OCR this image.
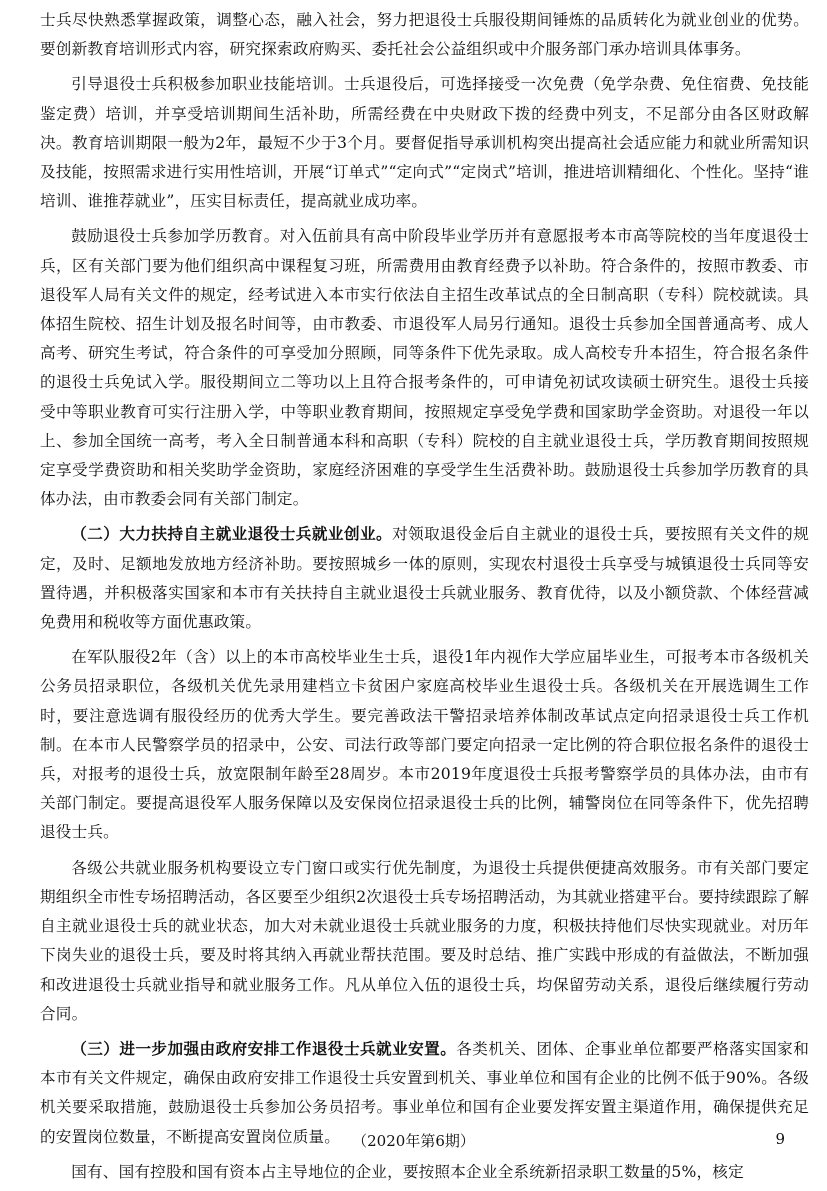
士兵尽快熟悉掌握政策，调整心态，融入社会，努力把退役士兵服役期间锤炼的品质转化为就业创业的优势。要创新教育培训形式内容，研究探索政府购买、委托社会公益组织或中介服务部门承办培训具体事务。

引导退役士兵积极参加职业技能培训。士兵退役后，可选择接受一次免费（免学杂费、免住宿费、免技能鉴定费）培训，并享受培训期间生活补助，所需经费在中央财政下拨的经费中列支，不足部分由各区财政解决。教育培训期限一般为2年，最短不少于3个月。要督促指导承训机构突出提高社会适应能力和就业所需知识及技能，按照需求进行实用性培训，开展“订单式”“定向式”“定岗式”培训，推进培训精细化、个性化。坚持“谁培训、谁推荐就业”，压实目标责任，提高就业成功率。

鼓励退役士兵参加学历教育。对入伍前具有高中阶段毕业学历并有意愿报考本市高等院校的当年度退役士兵，区有关部门要为他们组织高中课程复习班，所需费用由教育经费予以补助。符合条件的，按照市教委、市退役军人局有关文件的规定，经考试进入本市实行依法自主招生改革试点的全日制高职（专科）院校就读。具体招生院校、招生计划及报名时间等，由市教委、市退役军人局另行通知。退役士兵参加全国普通高考、成人高考、研究生考试，符合条件的可享受加分照顾，同等条件下优先录取。成人高校专升本招生，符合报名条件的退役士兵免试入学。服役期间立二等功以上且符合报考条件的，可申请免初试攻读硕士研究生。退役士兵接受中等职业教育可实行注册入学，中等职业教育期间，按照规定享受免学费和国家助学金资助。对退役一年以上、参加全国统一高考，考入全日制普通本科和高职（专科）院校的自主就业退役士兵，学历教育期间按照规定享受学费资助和相关奖助学金资助，家庭经济困难的享受学生生活费补助。鼓励退役士兵参加学历教育的具体办法，由市教委会同有关部门制定。

（二）大力扶持自主就业退役士兵就业创业。对领取退役金后自主就业的退役士兵，要按照有关文件的规定，及时、足额地发放地方经济补助。要按照城乡一体的原则，实现农村退役士兵享受与城镇退役士兵同等安置待遇，并积极落实国家和本市有关扶持自主就业退役士兵就业服务、教育优待，以及小额贷款、个体经营减免费用和税收等方面优惠政策。

在军队服役2年（含）以上的本市高校毕业生士兵，退役1年内视作大学应届毕业生，可报考本市各级机关公务员招录职位，各级机关优先录用建档立卡贫困户家庭高校毕业生退役士兵。各级机关在开展选调生工作时，要注意选调有服役经历的优秀大学生。要完善政法干警招录培养体制改革试点定向招录退役士兵工作机制。在本市人民警察学员的招录中，公安、司法行政等部门要定向招录一定比例的符合职位报名条件的退役士兵，对报考的退役士兵，放宽限制年龄至28周岁。本市2019年度退役士兵报考警察学员的具体办法，由市有关部门制定。要提高退役军人服务保障以及安保岗位招录退役士兵的比例，辅警岗位在同等条件下，优先招聘退役士兵。

各级公共就业服务机构要设立专门窗口或实行优先制度，为退役士兵提供便捷高效服务。市有关部门要定期组织全市性专场招聘活动，各区要至少组织2次退役士兵专场招聘活动，为其就业搭建平台。要持续跟踪了解自主就业退役士兵的就业状态，加大对未就业退役士兵就业服务的力度，积极扶持他们尽快实现就业。对历年下岗失业的退役士兵，要及时将其纳入再就业帮扶范围。要及时总结、推广实践中形成的有益做法，不断加强和改进退役士兵就业指导和就业服务工作。凡从单位入伍的退役士兵，均保留劳动关系，退役后继续履行劳动合同。

（三）进一步加强由政府安排工作退役士兵就业安置。各类机关、团体、企事业单位都要严格落实国家和本市有关文件规定，确保由政府安排工作退役士兵安置到机关、事业单位和国有企业的比例不低于90%。各级机关要采取措施，鼓励退役士兵参加公务员招考。事业单位和国有企业要发挥安置主渠道作用，确保提供充足的安置岗位数量，不断提高安置岗位质量。

国有、国有控股和国有资本占主导地位的企业，要按照本企业全系统新招录职工数量的5%，核定

（2020年第6期）	9
